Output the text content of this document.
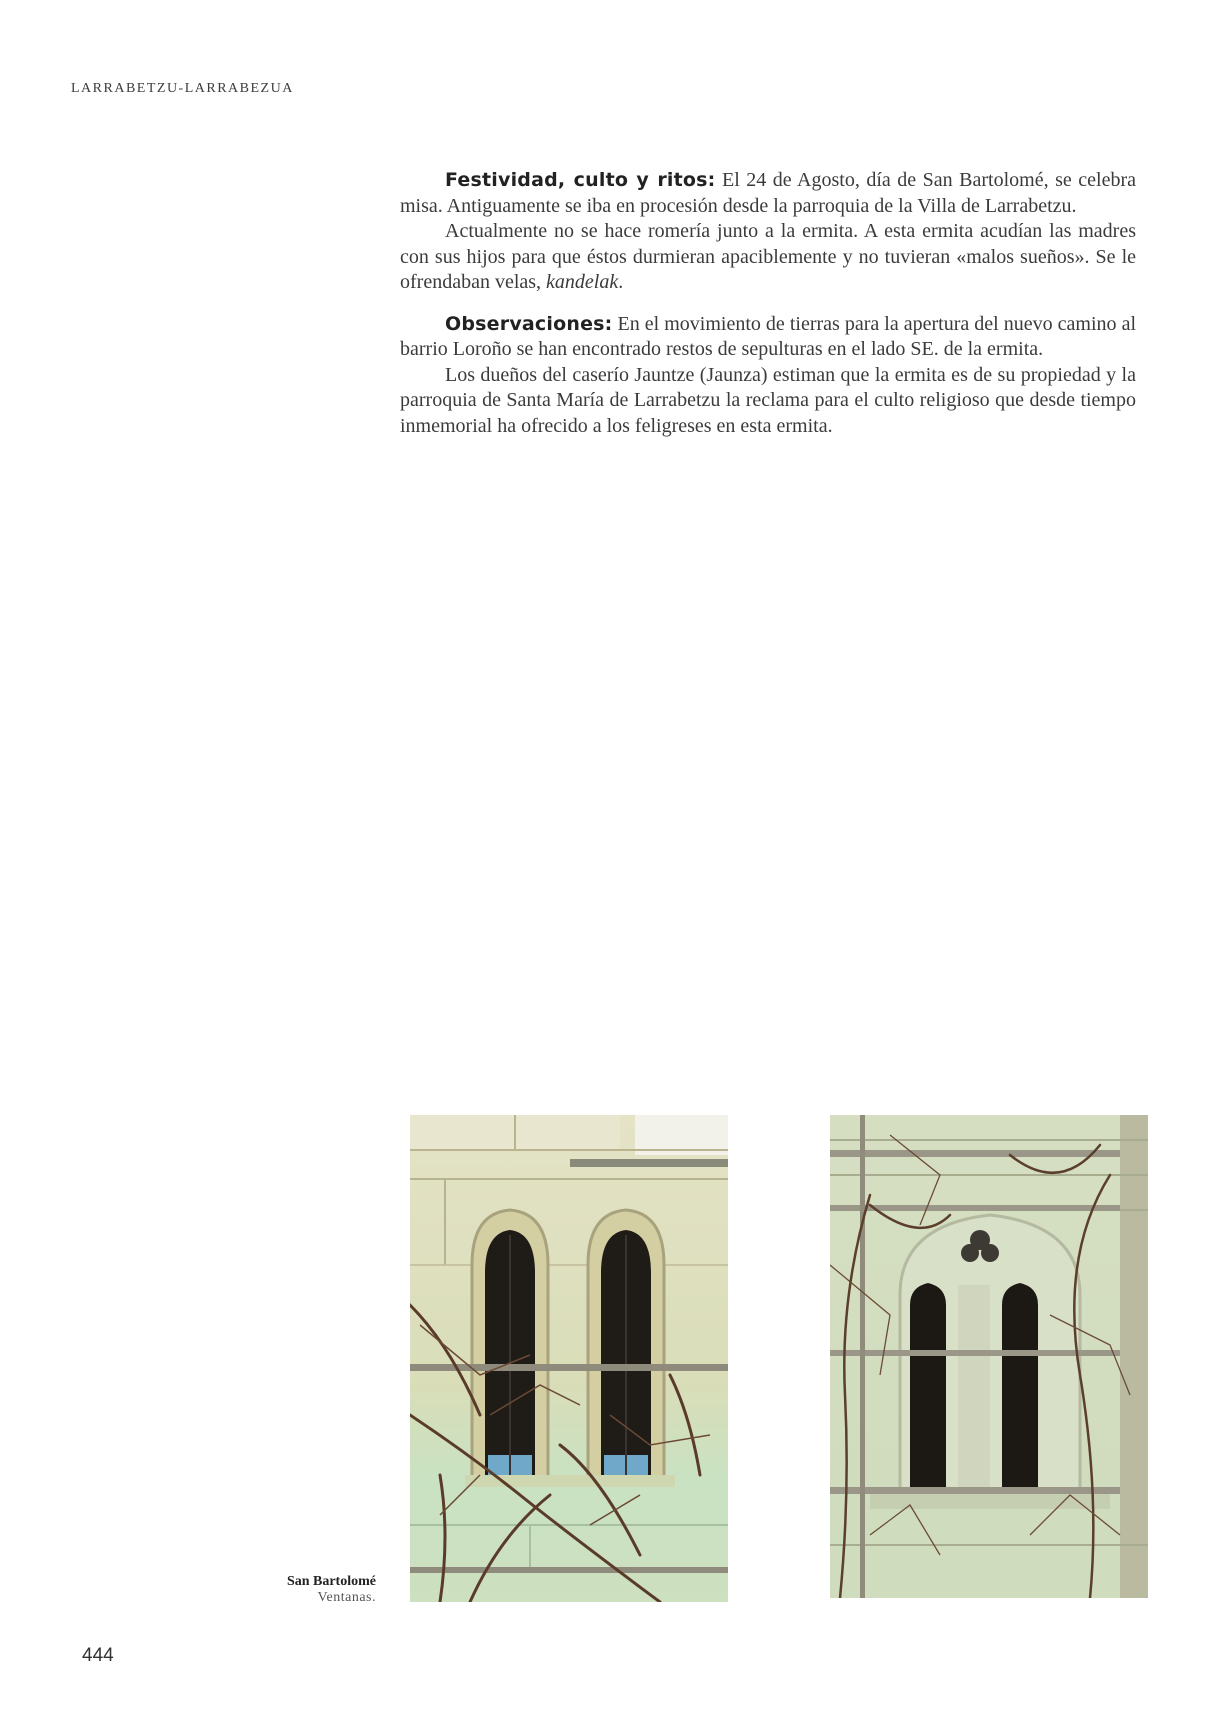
LARRABETZU-LARRABEZUA

Festividad, culto y ritos: El 24 de Agosto, día de San Bartolomé, se celebra misa. Antiguamente se iba en procesión desde la parroquia de la Villa de Larrabetzu.

Actualmente no se hace romería junto a la ermita. A esta ermita acudían las madres con sus hijos para que éstos durmieran apaciblemente y no tuvieran «malos sueños». Se le ofrendaban velas, kandelak.

Observaciones: En el movimiento de tierras para la apertura del nuevo camino al barrio Loroño se han encontrado restos de sepulturas en el lado SE. de la ermita.

Los dueños del caserío Jauntze (Jaunza) estiman que la ermita es de su propiedad y la parroquia de Santa María de Larrabetzu la reclama para el culto religioso que desde tiempo inmemorial ha ofrecido a los feligreses en esta ermita.

San Bartolomé
Ventanas.
444
